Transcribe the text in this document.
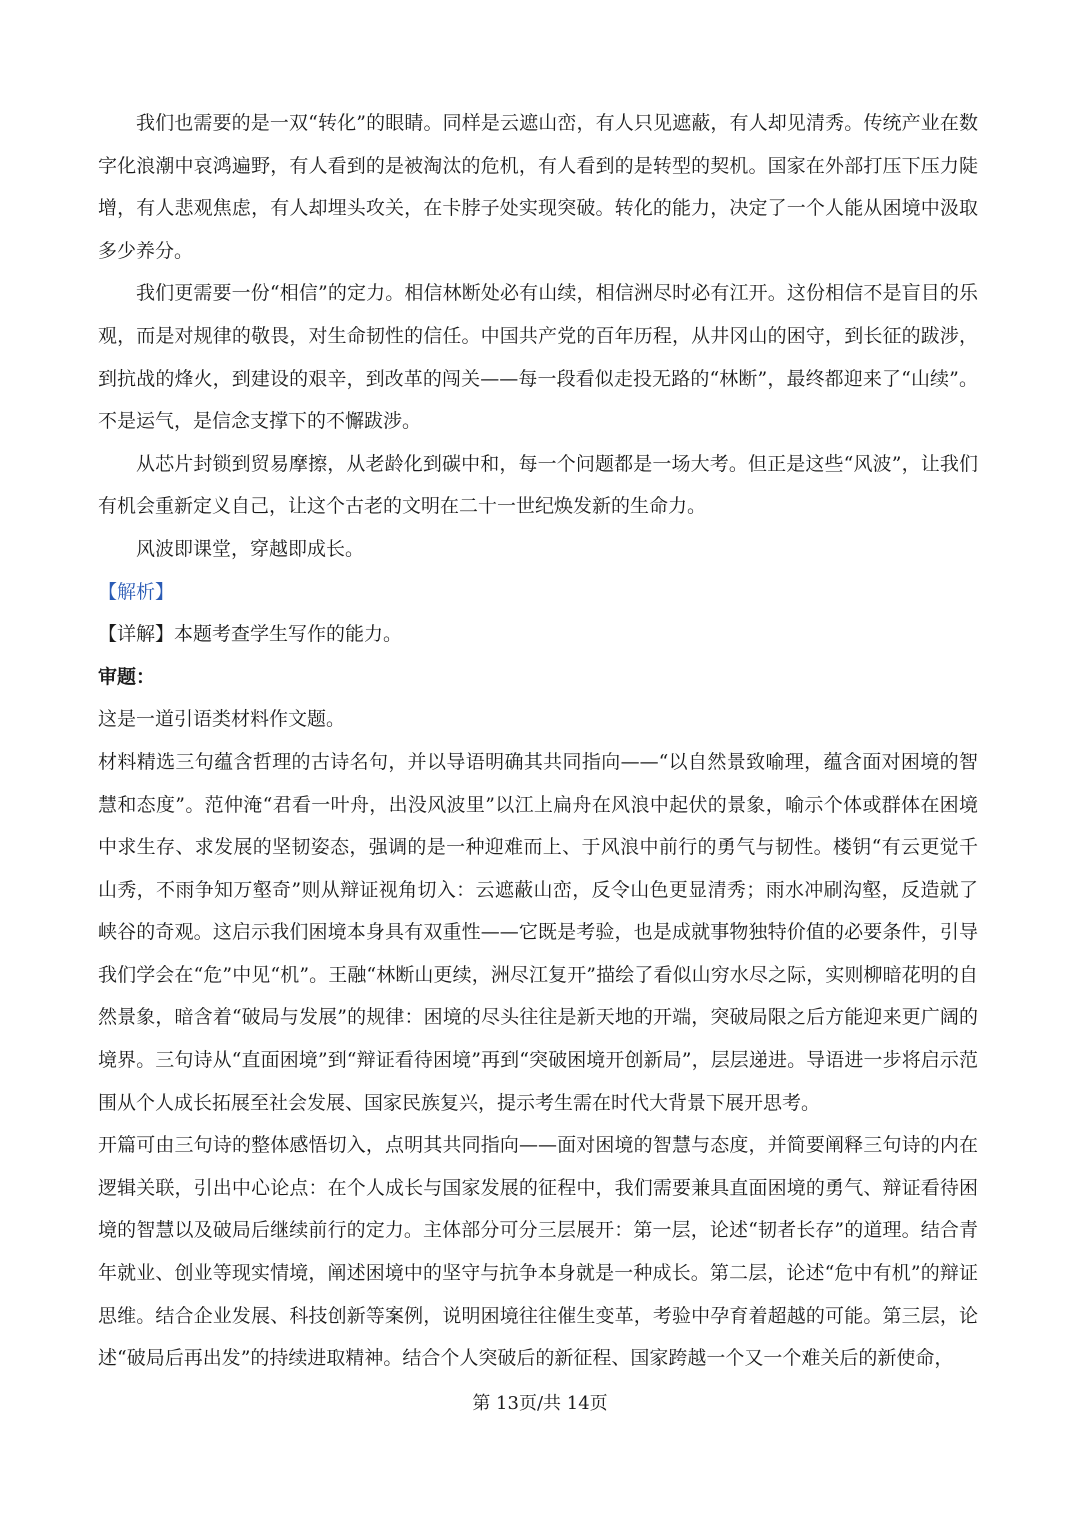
我们也需要的是一双“转化”的眼睛。同样是云遮山峦，有人只见遮蔽，有人却见清秀。传统产业在数字化浪潮中哀鸿遍野，有人看到的是被淘汰的危机，有人看到的是转型的契机。国家在外部打压下压力陡增，有人悲观焦虑，有人却埋头攻关，在卡脖子处实现突破。转化的能力，决定了一个人能从困境中汲取多少养分。

我们更需要一份“相信”的定力。相信林断处必有山续，相信洲尽时必有江开。这份相信不是盲目的乐观，而是对规律的敬畏，对生命韧性的信任。中国共产党的百年历程，从井冈山的困守，到长征的跋涉，到抗战的烽火，到建设的艰辛，到改革的闯关——每一段看似走投无路的“林断”，最终都迎来了“山续”。不是运气，是信念支撑下的不懈跋涉。

从芯片封锁到贸易摩擦，从老龄化到碳中和，每一个问题都是一场大考。但正是这些“风波”，让我们有机会重新定义自己，让这个古老的文明在二十一世纪焕发新的生命力。

风波即课堂，穿越即成长。

【解析】

【详解】本题考查学生写作的能力。

审题：

这是一道引语类材料作文题。

材料精选三句蕴含哲理的古诗名句，并以导语明确其共同指向——“以自然景致喻理，蕴含面对困境的智慧和态度”。范仲淹“君看一叶舟，出没风波里”以江上扁舟在风浪中起伏的景象，喻示个体或群体在困境中求生存、求发展的坚韧姿态，强调的是一种迎难而上、于风浪中前行的勇气与韧性。楼钥“有云更觉千山秀，不雨争知万壑奇”则从辩证视角切入：云遮蔽山峦，反令山色更显清秀；雨水冲刷沟壑，反造就了峡谷的奇观。这启示我们困境本身具有双重性——它既是考验，也是成就事物独特价值的必要条件，引导我们学会在“危”中见“机”。王融“林断山更续，洲尽江复开”描绘了看似山穷水尽之际，实则柳暗花明的自然景象，暗含着“破局与发展”的规律：困境的尽头往往是新天地的开端，突破局限之后方能迎来更广阔的境界。三句诗从“直面困境”到“辩证看待困境”再到“突破困境开创新局”，层层递进。导语进一步将启示范围从个人成长拓展至社会发展、国家民族复兴，提示考生需在时代大背景下展开思考。

开篇可由三句诗的整体感悟切入，点明其共同指向——面对困境的智慧与态度，并简要阐释三句诗的内在逻辑关联，引出中心论点：在个人成长与国家发展的征程中，我们需要兼具直面困境的勇气、辩证看待困境的智慧以及破局后继续前行的定力。主体部分可分三层展开：第一层，论述“韧者长存”的道理。结合青年就业、创业等现实情境，阐述困境中的坚守与抗争本身就是一种成长。第二层，论述“危中有机”的辩证思维。结合企业发展、科技创新等案例，说明困境往往催生变革，考验中孕育着超越的可能。第三层，论述“破局后再出发”的持续进取精神。结合个人突破后的新征程、国家跨越一个又一个难关后的新使命，

第 13页/共 14页
